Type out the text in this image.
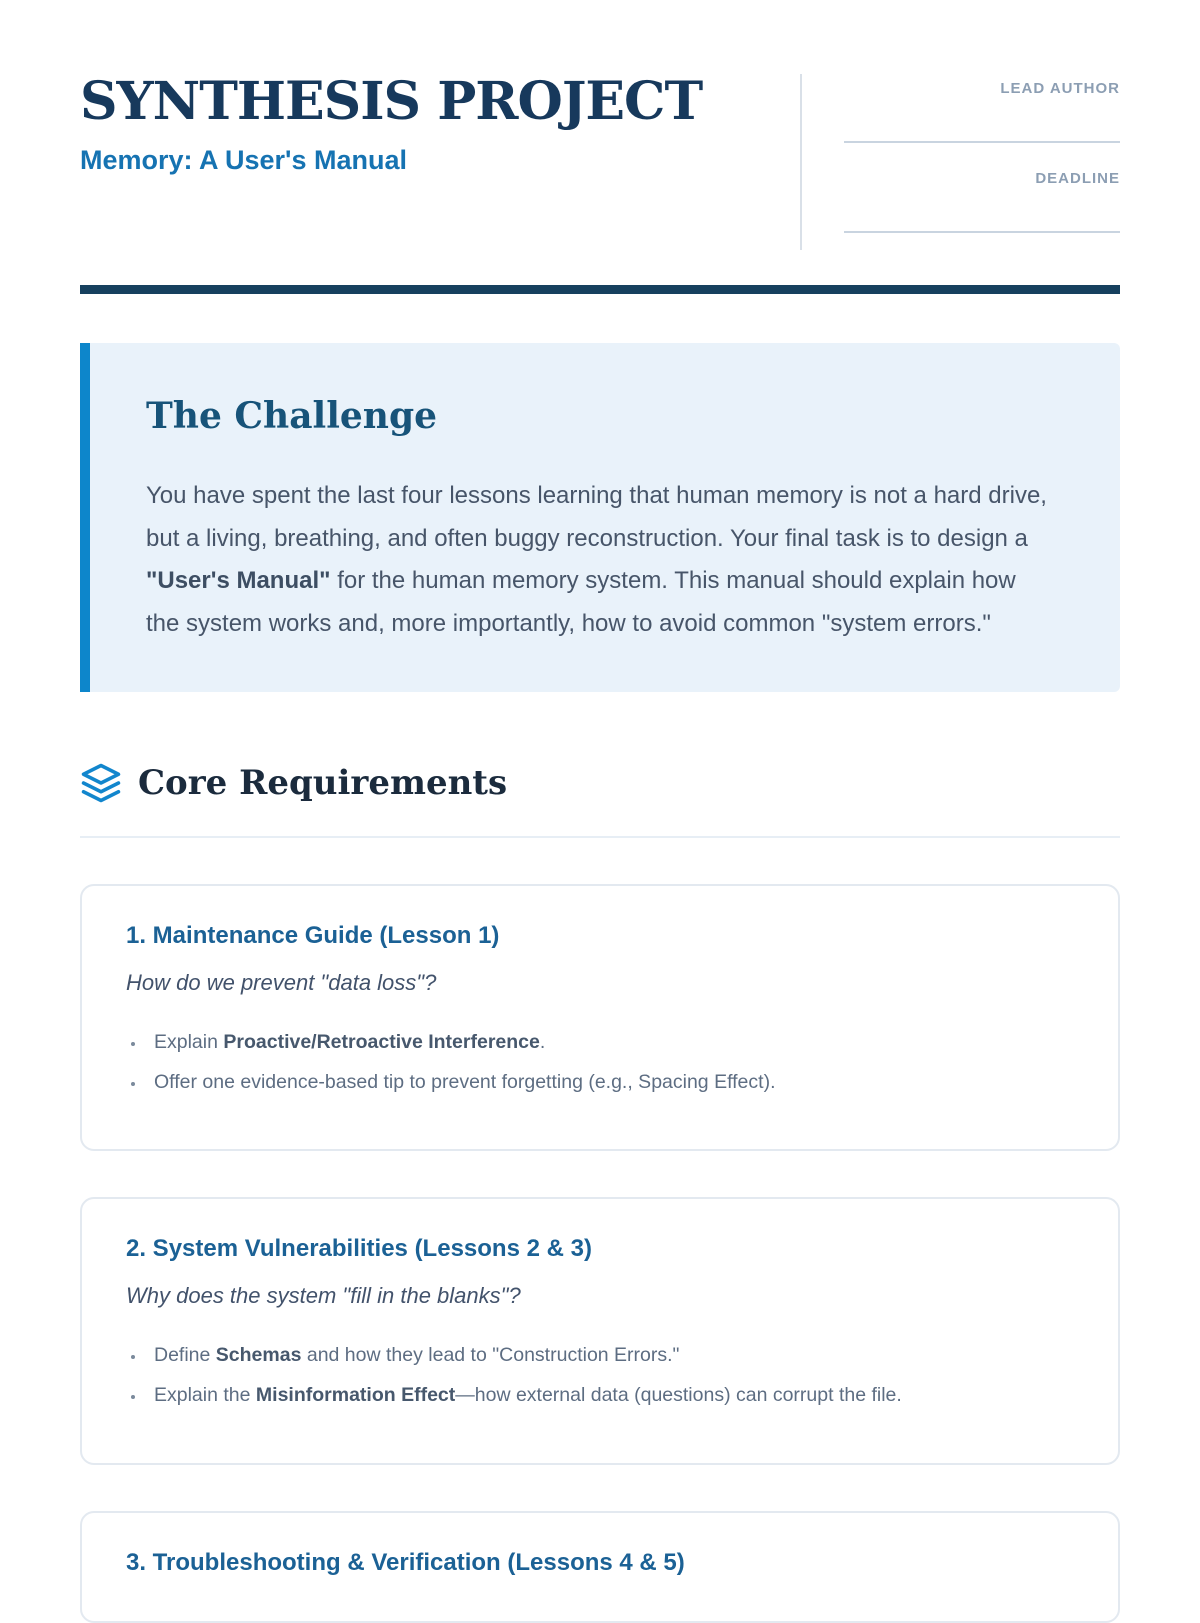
SYNTHESIS PROJECT
Memory: A User's Manual
LEAD AUTHOR
DEADLINE
The Challenge

You have spent the last four lessons learning that human memory is not a hard drive, but a living, breathing, and often buggy reconstruction. Your final task is to design a "User's Manual" for the human memory system. This manual should explain how the system works and, more importantly, how to avoid common "system errors."

Core Requirements
1. Maintenance Guide (Lesson 1)

How do we prevent "data loss"?

• Explain Proactive/Retroactive Interference.
• Offer one evidence-based tip to prevent forgetting (e.g., Spacing Effect).
2. System Vulnerabilities (Lessons 2 & 3)

Why does the system "fill in the blanks"?

• Define Schemas and how they lead to "Construction Errors."
• Explain the Misinformation Effect—how external data (questions) can corrupt the file.
3. Troubleshooting & Verification (Lessons 4 & 5)
